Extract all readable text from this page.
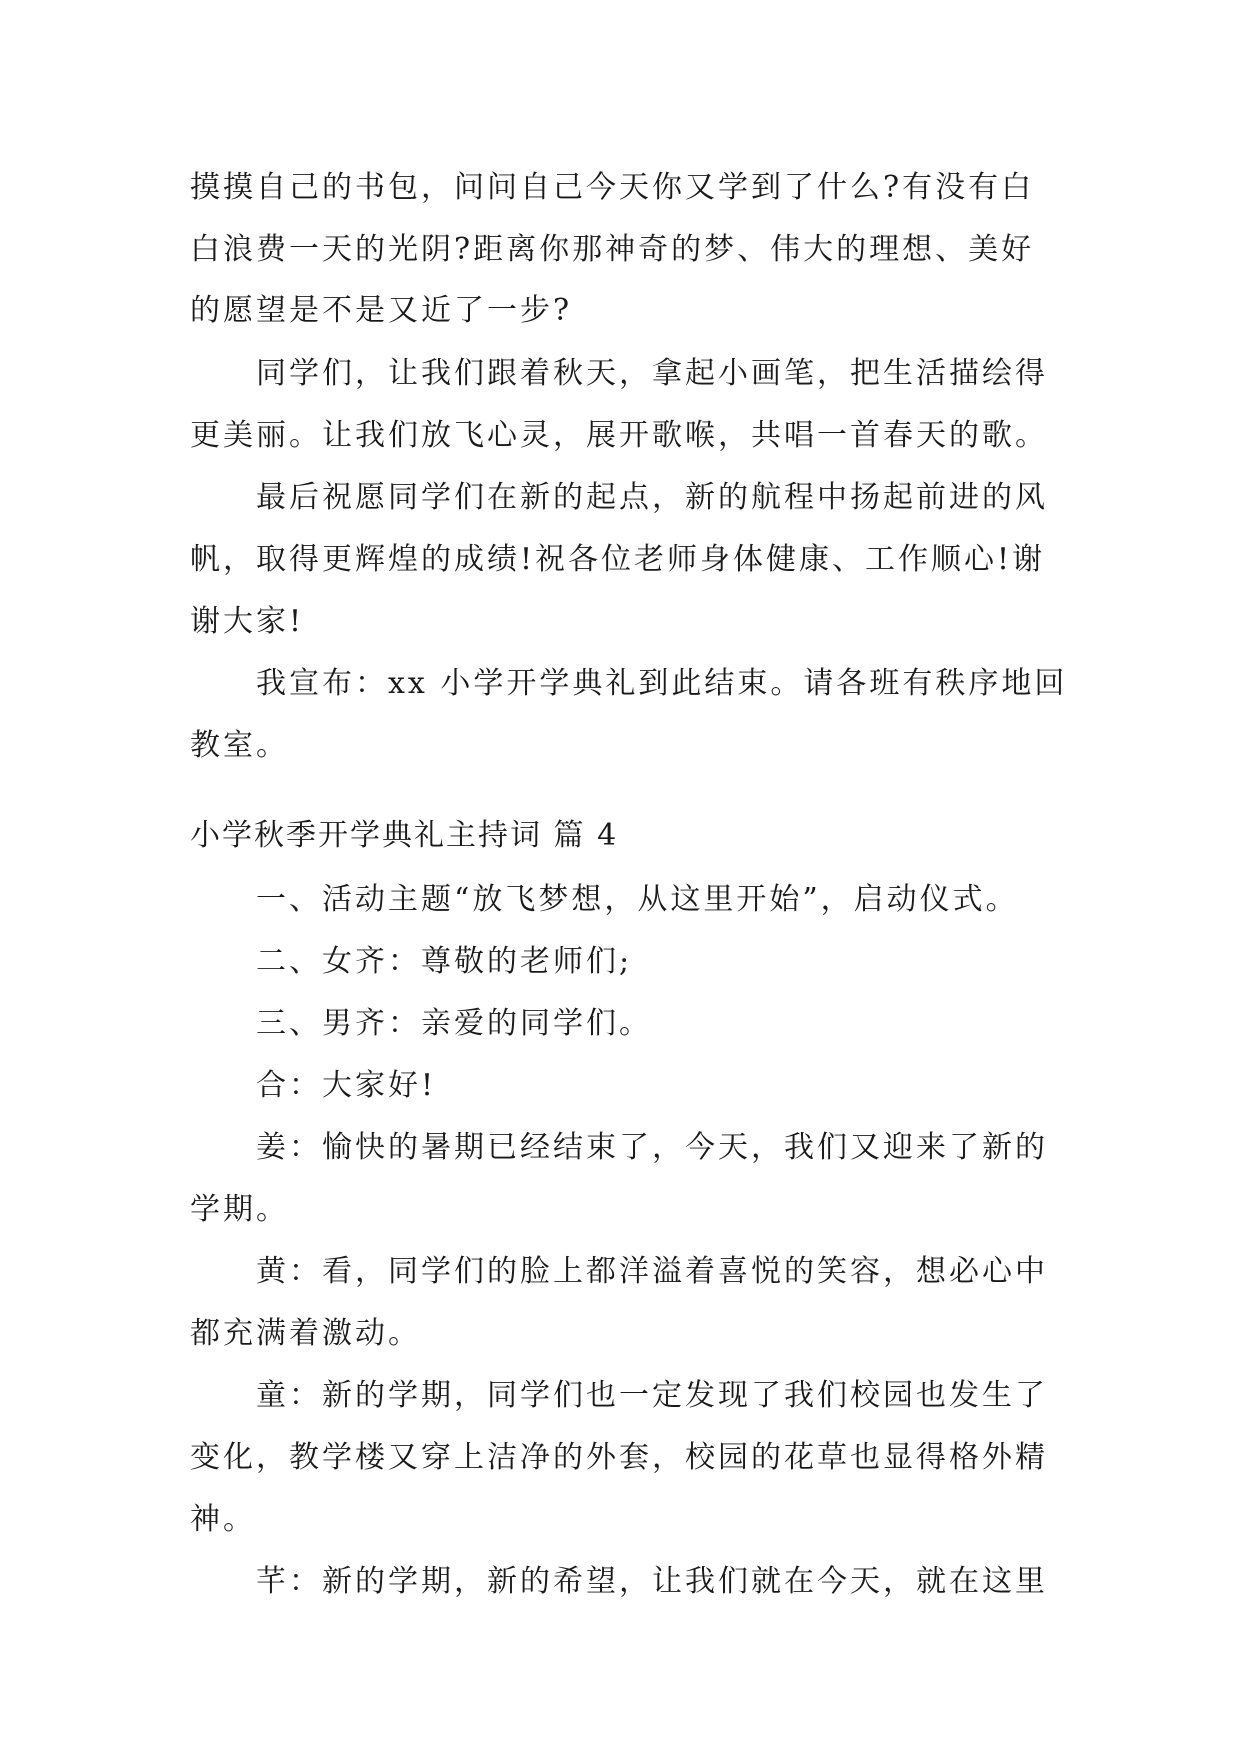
摸摸自己的书包，问问自己今天你又学到了什么?有没有白
白浪费一天的光阴?距离你那神奇的梦、伟大的理想、美好
的愿望是不是又近了一步?
同学们，让我们跟着秋天，拿起小画笔，把生活描绘得
更美丽。让我们放飞心灵，展开歌喉，共唱一首春天的歌。
最后祝愿同学们在新的起点，新的航程中扬起前进的风
帆，取得更辉煌的成绩!祝各位老师身体健康、工作顺心!谢
谢大家!
我宣布：xx 小学开学典礼到此结束。请各班有秩序地回
教室。
小学秋季开学典礼主持词 篇 4
一、活动主题“放飞梦想，从这里开始”，启动仪式。
二、女齐：尊敬的老师们;
三、男齐：亲爱的同学们。
合：大家好!
姜：愉快的暑期已经结束了，今天，我们又迎来了新的
学期。
黄：看，同学们的脸上都洋溢着喜悦的笑容，想必心中
都充满着激动。
童：新的学期，同学们也一定发现了我们校园也发生了
变化，教学楼又穿上洁净的外套，校园的花草也显得格外精
神。
芊：新的学期，新的希望，让我们就在今天，就在这里
